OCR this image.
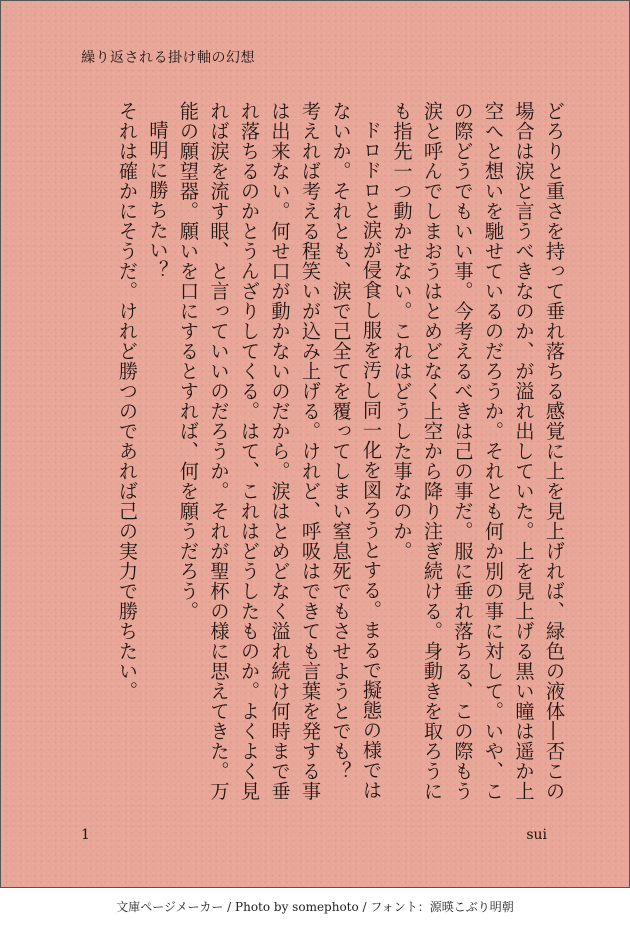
繰り返される掛け軸の幻想

どろりと重さを持って垂れ落ちる感覚に上を見上げれば、緑色の液体―否この場合は涙と言うべきなのか、が溢れ出していた。上を見上げる黒い瞳は遥か上空へと想いを馳せているのだろうか。それとも何か別の事に対して。いや、この際どうでもいい事。今考えるべきは己の事だ。服に垂れ落ちる、この際もう涙と呼んでしまおうはとめどなく上空から降り注ぎ続ける。身動きを取ろうにも指先一つ動かせない。これはどうした事なのか。

ドロドロと涙が侵食し服を汚し同一化を図ろうとする。まるで擬態の様ではないか。それとも、涙で己全てを覆ってしまい窒息死でもさせようとでも？　考えれば考える程笑いが込み上げる。けれど、呼吸はできても言葉を発する事は出来ない。何せ口が動かないのだから。涙はとめどなく溢れ続け何時まで垂れ落ちるのかとうんざりしてくる。はて、これはどうしたものか。よくよく見れば涙を流す眼、と言っていいのだろうか。それが聖杯の様に思えてきた。万能の願望器。願いを口にするとすれば、何を願うだろう。

晴明に勝ちたい？

それは確かにそうだ。けれど勝つのであれば己の実力で勝ちたい。

1	sui
文庫ページメーカー / Photo by somephoto / フォント：源暎こぶり明朝
